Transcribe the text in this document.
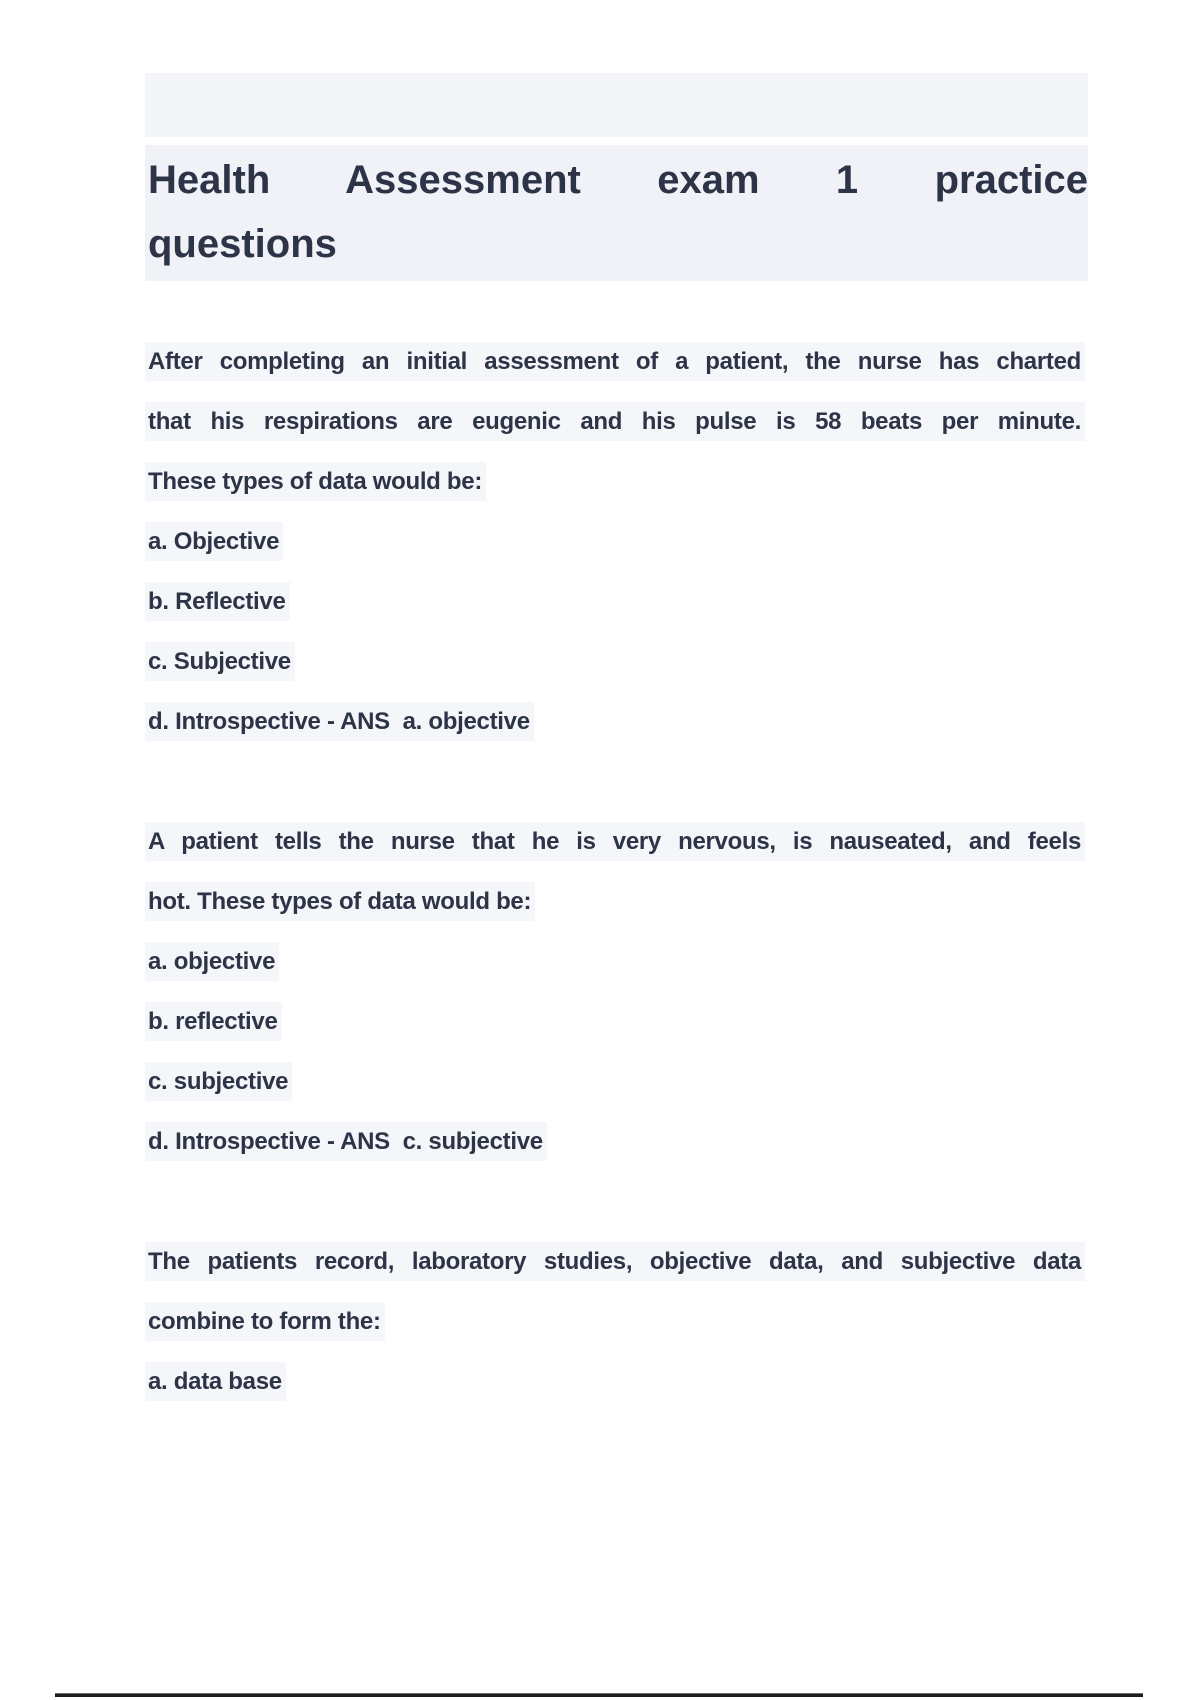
Health Assessment exam 1 practice
questions
After completing an initial assessment of a patient, the nurse has charted
that his respirations are eugenic and his pulse is 58 beats per minute.
These types of data would be:
a. Objective
b. Reflective
c. Subjective
d. Introspective - ANS  a. objective
A patient tells the nurse that he is very nervous, is nauseated, and feels
hot. These types of data would be:
a. objective
b. reflective
c. subjective
d. Introspective - ANS  c. subjective
The patients record, laboratory studies, objective data, and subjective data
combine to form the:
a. data base
